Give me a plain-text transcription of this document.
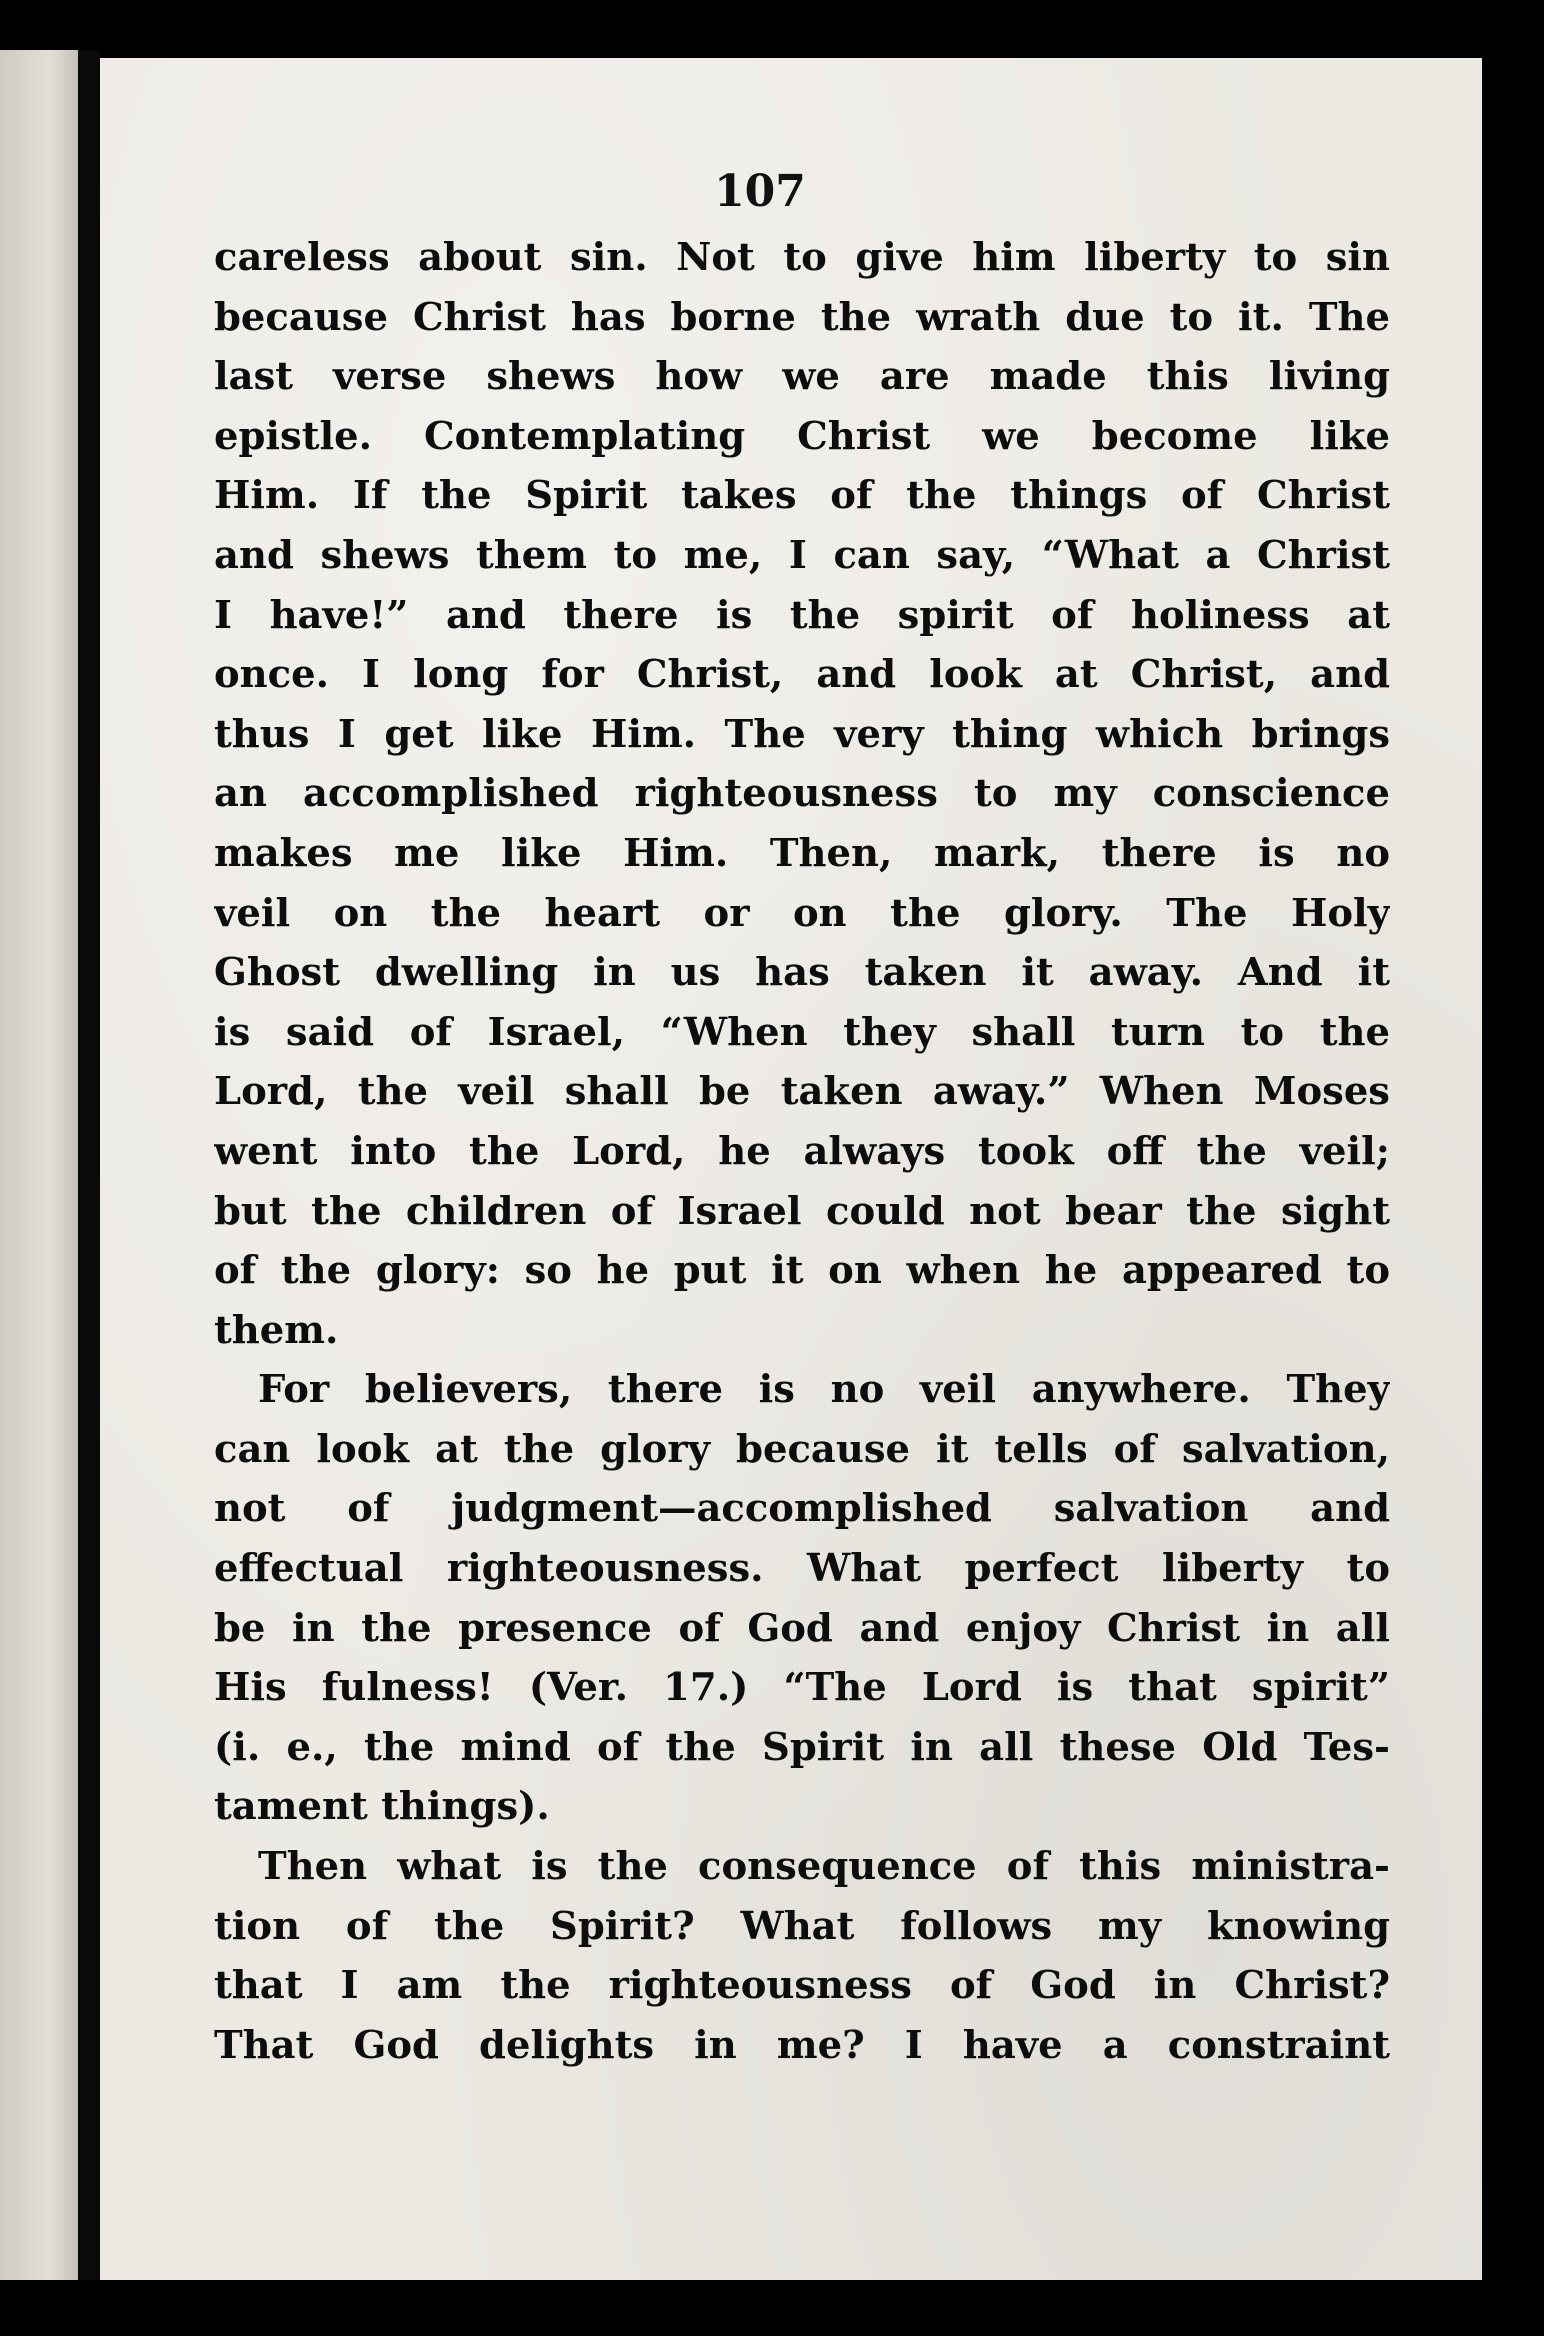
107
careless about sin. Not to give him liberty to sin
because Christ has borne the wrath due to it. The
last verse shews how we are made this living
epistle. Contemplating Christ we become like
Him. If the Spirit takes of the things of Christ
and shews them to me, I can say, “What a Christ
I have!” and there is the spirit of holiness at
once. I long for Christ, and look at Christ, and
thus I get like Him. The very thing which brings
an accomplished righteousness to my conscience
makes me like Him. Then, mark, there is no
veil on the heart or on the glory. The Holy
Ghost dwelling in us has taken it away. And it
is said of Israel, “When they shall turn to the
Lord, the veil shall be taken away.” When Moses
went into the Lord, he always took off the veil;
but the children of Israel could not bear the sight
of the glory: so he put it on when he appeared to
them.
For believers, there is no veil anywhere. They
can look at the glory because it tells of salvation,
not of judgment—accomplished salvation and
effectual righteousness. What perfect liberty to
be in the presence of God and enjoy Christ in all
His fulness! (Ver. 17.) “The Lord is that spirit”
(i. e., the mind of the Spirit in all these Old Tes-
tament things).
Then what is the consequence of this ministra-
tion of the Spirit? What follows my knowing
that I am the righteousness of God in Christ?
That God delights in me? I have a constraint
